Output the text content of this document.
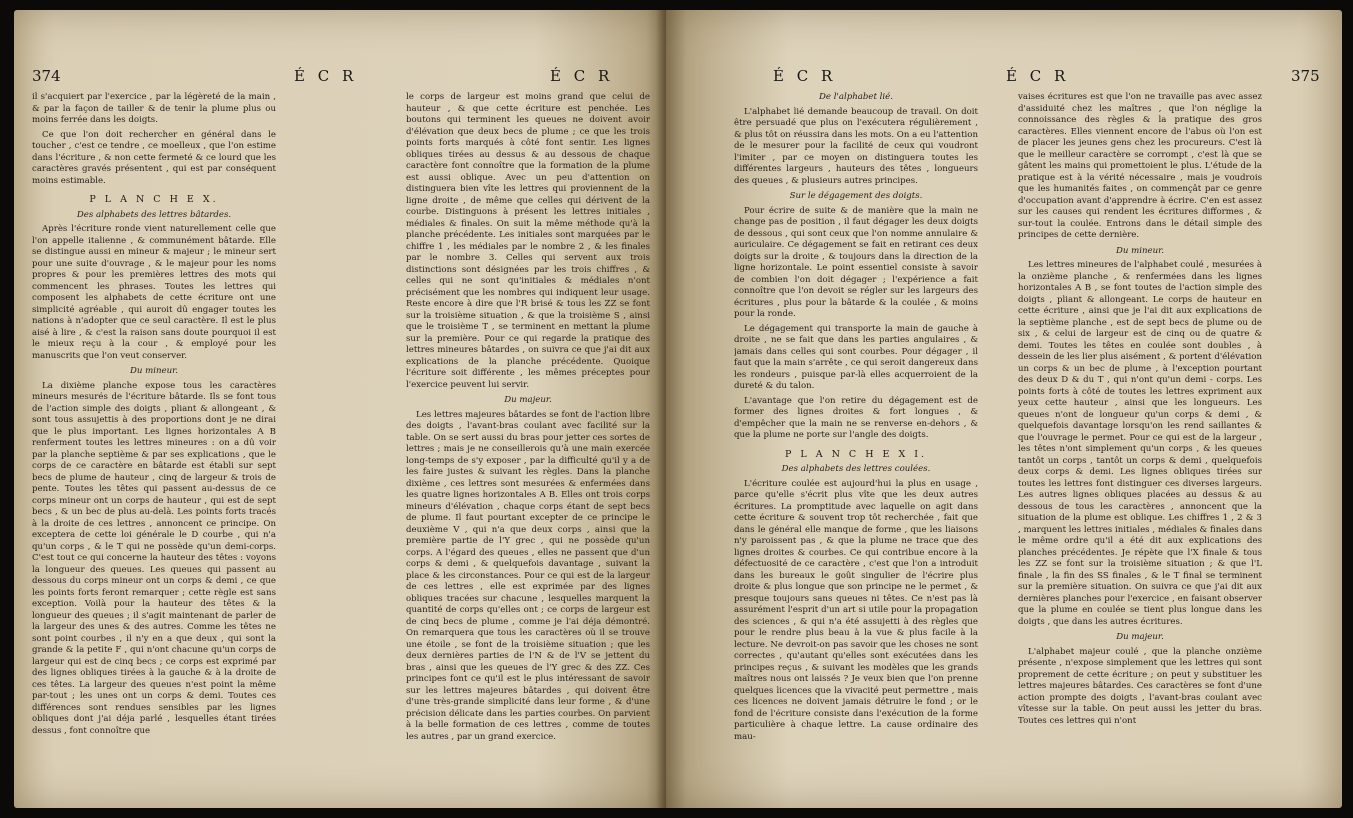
374	É C R	É C R

il s'acquiert par l'exercice , par la légèreté de la main , & par la façon de tailler & de tenir la plume plus ou moins ferrée dans les doigts.

Ce que l'on doit rechercher en général dans le toucher , c'est ce tendre , ce moelleux , que l'on estime dans l'écriture , & non cette fermeté & ce lourd que les caractères gravés présentent , qui est par conséquent moins estimable.

P L A N C H E X.
Des alphabets des lettres bâtardes.

Après l'écriture ronde vient naturellement celle que l'on appelle italienne , & communément bâtarde. Elle se distingue aussi en mineur & majeur ; le mineur sert pour une suite d'ouvrage , & le majeur pour les noms propres & pour les premières lettres des mots qui commencent les phrases. Toutes les lettres qui composent les alphabets de cette écriture ont une simplicité agréable , qui auroit dû engager toutes les nations à n'adopter que ce seul caractère. Il est le plus aisé à lire , & c'est la raison sans doute pourquoi il est le mieux reçu à la cour , & employé pour les manuscrits que l'on veut conserver.

Du mineur.

La dixième planche expose tous les caractères mineurs mesurés de l'écriture bâtarde. Ils se font tous de l'action simple des doigts , pliant & allongeant , & sont tous assujettis à des proportions dont je ne dirai que le plus important. Les lignes horizontales A B renferment toutes les lettres mineures : on a dû voir par la planche septième & par ses explications , que le corps de ce caractère en bâtarde est établi sur sept becs de plume de hauteur , cinq de largeur & trois de pente. Toutes les têtes qui passent au-dessus de ce corps mineur ont un corps de hauteur , qui est de sept becs , & un bec de plus au-delà. Les points forts tracés à la droite de ces lettres , annoncent ce principe. On exceptera de cette loi générale le D courbe , qui n'a qu'un corps , & le T qui ne possède qu'un demi-corps. C'est tout ce qui concerne la hauteur des têtes : voyons la longueur des queues. Les queues qui passent au dessous du corps mineur ont un corps & demi , ce que les points forts feront remarquer ; cette règle est sans exception. Voilà pour la hauteur des têtes & la longueur des queues ; il s'agit maintenant de parler de la largeur des unes & des autres. Comme les têtes ne sont point courbes , il n'y en a que deux , qui sont la grande & la petite F , qui n'ont chacune qu'un corps de largeur qui est de cinq becs ; ce corps est exprimé par des lignes obliques tirées à la gauche & à la droite de ces têtes. La largeur des queues n'est point la même par-tout ; les unes ont un corps & demi. Toutes ces différences sont rendues sensibles par les lignes obliques dont j'ai déja parlé , lesquelles étant tirées dessus , font connoître que

le corps de largeur est moins grand que celui de hauteur , & que cette écriture est penchée. Les boutons qui terminent les queues ne doivent avoir d'élévation que deux becs de plume ; ce que les trois points forts marqués à côté font sentir. Les lignes obliques tirées au dessus & au dessous de chaque caractère font connoître que la formation de la plume est aussi oblique. Avec un peu d'attention on distinguera bien vîte les lettres qui proviennent de la ligne droite , de même que celles qui dérivent de la courbe. Distinguons à présent les lettres initiales , médiales & finales. On suit la même méthode qu'à la planche précédente. Les initiales sont marquées par le chiffre 1 , les médiales par le nombre 2 , & les finales par le nombre 3. Celles qui servent aux trois distinctions sont désignées par les trois chiffres , & celles qui ne sont qu'initiales & médiales n'ont précisément que les nombres qui indiquent leur usage. Reste encore à dire que l'R brisé & tous les ZZ se font sur la troisième situation , & que la troisième S , ainsi que le troisième T , se terminent en mettant la plume sur la première. Pour ce qui regarde la pratique des lettres mineures bâtardes , on suivra ce que j'ai dit aux explications de la planche précédente. Quoique l'écriture soit différente , les mêmes préceptes pour l'exercice peuvent lui servir.

Du majeur.

Les lettres majeures bâtardes se font de l'action libre des doigts , l'avant-bras coulant avec facilité sur la table. On se sert aussi du bras pour jetter ces sortes de lettres ; mais je ne conseillerois qu'à une main exercée long-temps de s'y exposer , par la difficulté qu'il y a de les faire justes & suivant les règles. Dans la planche dixième , ces lettres sont mesurées & enfermées dans les quatre lignes horizontales A B. Elles ont trois corps mineurs d'élévation , chaque corps étant de sept becs de plume. Il faut pourtant excepter de ce principe le deuxième V , qui n'a que deux corps , ainsi que la première partie de l'Y grec , qui ne possède qu'un corps. A l'égard des queues , elles ne passent que d'un corps & demi , & quelquefois davantage , suivant la place & les circonstances. Pour ce qui est de la largeur de ces lettres , elle est exprimée par des lignes obliques tracées sur chacune , lesquelles marquent la quantité de corps qu'elles ont ; ce corps de largeur est de cinq becs de plume , comme je l'ai déja démontré. On remarquera que tous les caractères où il se trouve une étoile , se font de la troisième situation ; que les deux dernières parties de l'N & de l'V se jettent du bras , ainsi que les queues de l'Y grec & des ZZ. Ces principes font ce qu'il est le plus intéressant de savoir sur les lettres majeures bâtardes , qui doivent être d'une très-grande simplicité dans leur forme , & d'une précision délicate dans les parties courbes. On parvient à la belle formation de ces lettres , comme de toutes les autres , par un grand exercice.

É C R	É C R	375
De l'alphabet lié.

L'alphabet lié demande beaucoup de travail. On doit être persuadé que plus on l'exécutera régulièrement , & plus tôt on réussira dans les mots. On a eu l'attention de le mesurer pour la facilité de ceux qui voudront l'imiter , par ce moyen on distinguera toutes les différentes largeurs , hauteurs des têtes , longueurs des queues , & plusieurs autres principes.

Sur le dégagement des doigts.

Pour écrire de suite & de manière que la main ne change pas de position , il faut dégager les deux doigts de dessous , qui sont ceux que l'on nomme annulaire & auriculaire. Ce dégagement se fait en retirant ces deux doigts sur la droite , & toujours dans la direction de la ligne horizontale. Le point essentiel consiste à savoir de combien l'on doit dégager ; l'expérience a fait connoître que l'on devoit se régler sur les largeurs des écritures , plus pour la bâtarde & la coulée , & moins pour la ronde.

Le dégagement qui transporte la main de gauche à droite , ne se fait que dans les parties angulaires , & jamais dans celles qui sont courbes. Pour dégager , il faut que la main s'arrête , ce qui seroit dangereux dans les rondeurs , puisque par-là elles acquerroient de la dureté & du talon.

L'avantage que l'on retire du dégagement est de former des lignes droites & fort longues , & d'empêcher que la main ne se renverse en-dehors , & que la plume ne porte sur l'angle des doigts.

P L A N C H E X I.
Des alphabets des lettres coulées.

L'écriture coulée est aujourd'hui la plus en usage , parce qu'elle s'écrit plus vîte que les deux autres écritures. La promptitude avec laquelle on agit dans cette écriture & souvent trop tôt recherchée , fait que dans le général elle manque de forme , que les liaisons n'y paroissent pas , & que la plume ne trace que des lignes droites & courbes. Ce qui contribue encore à la défectuosité de ce caractère , c'est que l'on a introduit dans les bureaux le goût singulier de l'écrire plus droite & plus longue que son principe ne le permet , & presque toujours sans queues ni têtes. Ce n'est pas là assurément l'esprit d'un art si utile pour la propagation des sciences , & qui n'a été assujetti à des règles que pour le rendre plus beau à la vue & plus facile à la lecture. Ne devroit-on pas savoir que les choses ne sont correctes , qu'autant qu'elles sont exécutées dans les principes reçus , & suivant les modèles que les grands maîtres nous ont laissés ? Je veux bien que l'on prenne quelques licences que la vivacité peut permettre , mais ces licences ne doivent jamais détruire le fond ; or le fond de l'écriture consiste dans l'exécution de la forme particulière à chaque lettre. La cause ordinaire des mau-

vaises écritures est que l'on ne travaille pas avec assez d'assiduité chez les maîtres , que l'on néglige la connoissance des règles & la pratique des gros caractères. Elles viennent encore de l'abus où l'on est de placer les jeunes gens chez les procureurs. C'est là que le meilleur caractère se corrompt , c'est là que se gâtent les mains qui promettoient le plus. L'étude de la pratique est à la vérité nécessaire , mais je voudrois que les humanités faites , on commençât par ce genre d'occupation avant d'apprendre à écrire. C'en est assez sur les causes qui rendent les écritures difformes , & sur-tout la coulée. Entrons dans le détail simple des principes de cette dernière.

Du mineur.

Les lettres mineures de l'alphabet coulé , mesurées à la onzième planche , & renfermées dans les lignes horizontales A B , se font toutes de l'action simple des doigts , pliant & allongeant. Le corps de hauteur en cette écriture , ainsi que je l'ai dit aux explications de la septième planche , est de sept becs de plume ou de six , & celui de largeur est de cinq ou de quatre & demi. Toutes les têtes en coulée sont doubles , à dessein de les lier plus aisément , & portent d'élévation un corps & un bec de plume , à l'exception pourtant des deux D & du T , qui n'ont qu'un demi - corps. Les points forts à côté de toutes les lettres expriment aux yeux cette hauteur , ainsi que les longueurs. Les queues n'ont de longueur qu'un corps & demi , & quelquefois davantage lorsqu'on les rend saillantes & que l'ouvrage le permet. Pour ce qui est de la largeur , les têtes n'ont simplement qu'un corps , & les queues tantôt un corps , tantôt un corps & demi , quelquefois deux corps & demi. Les lignes obliques tirées sur toutes les lettres font distinguer ces diverses largeurs. Les autres lignes obliques placées au dessus & au dessous de tous les caractères , annoncent que la situation de la plume est oblique. Les chiffres 1 , 2 & 3 , marquent les lettres initiales , médiales & finales dans le même ordre qu'il a été dit aux explications des planches précédentes. Je répète que l'X finale & tous les ZZ se font sur la troisième situation ; & que l'L finale , la fin des SS finales , & le T final se terminent sur la première situation. On suivra ce que j'ai dit aux dernières planches pour l'exercice , en faisant observer que la plume en coulée se tient plus longue dans les doigts , que dans les autres écritures.

Du majeur.

L'alphabet majeur coulé , que la planche onzième présente , n'expose simplement que les lettres qui sont proprement de cette écriture ; on peut y substituer les lettres majeures bâtardes. Ces caractères se font d'une action prompte des doigts , l'avant-bras coulant avec vîtesse sur la table. On peut aussi les jetter du bras. Toutes ces lettres qui n'ont
